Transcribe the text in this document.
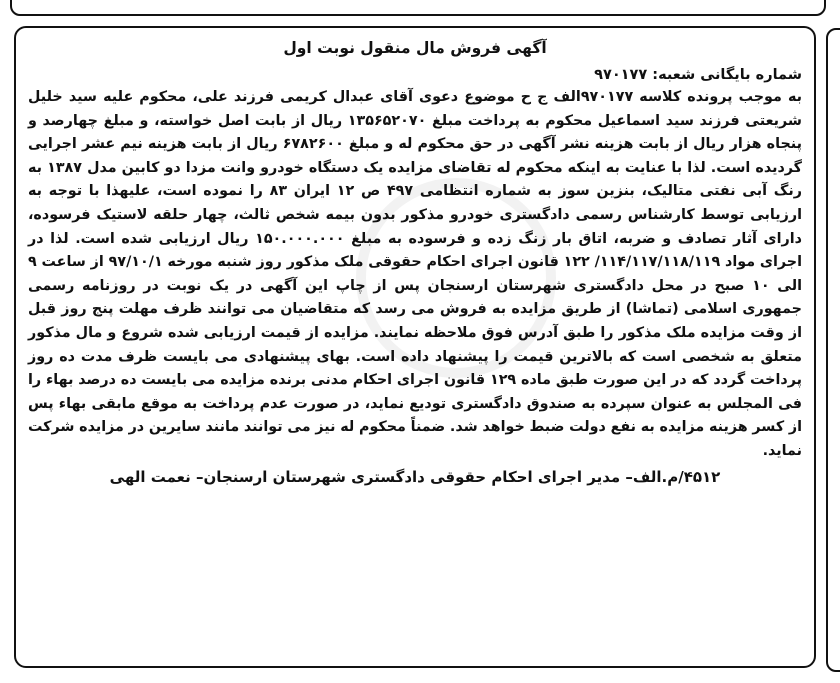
آگهی فروش مال منقول نوبت اول

شماره بایگانی شعبه: ۹۷۰۱۷۷

به موجب پرونده کلاسه ۹۷۰۱۷۷الف ج ح موضوع دعوی آقای عبدال کریمی فرزند علی، محکوم علیه سید خلیل شریعتی فرزند سید اسماعیل محکوم به پرداخت مبلغ ۱۳۵۶۵۲۰۷۰ ریال از بابت اصل خواسته، و مبلغ چهارصد و پنجاه هزار ریال از بابت هزینه نشر آگهی در حق محکوم له و مبلغ ۶۷۸۲۶۰۰ ریال از بابت هزینه نیم عشر اجرایی گردیده است. لذا با عنایت به اینکه محکوم له تقاضای مزایده یک دستگاه خودرو وانت مزدا دو کابین مدل ۱۳۸۷ به رنگ آبی نفتی متالیک، بنزین سوز به شماره انتظامی ۴۹۷ ص ۱۲ ایران ۸۳ را نموده است، علیهذا با توجه به ارزیابی توسط کارشناس رسمی دادگستری خودرو مذکور بدون بیمه شخص ثالث، چهار حلقه لاستیک فرسوده، دارای آثار تصادف و ضربه، اتاق بار زنگ زده و فرسوده به مبلغ ۱۵۰.۰۰۰.۰۰۰ ریال ارزیابی شده است. لذا در اجرای مواد ۱۱۴/۱۱۷/۱۱۸/۱۱۹/ ۱۲۲ قانون اجرای احکام حقوقی ملک مذکور روز شنبه مورخه ۹۷/۱۰/۱ از ساعت ۹ الی ۱۰ صبح در محل دادگستری شهرستان ارسنجان پس از چاپ این آگهی در یک نوبت در روزنامه رسمی جمهوری اسلامی (تماشا) از طریق مزایده به فروش می رسد که متقاضیان می توانند ظرف مهلت پنج روز قبل از وقت مزایده ملک مذکور را طبق آدرس فوق ملاحظه نمایند. مزایده از قیمت ارزیابی شده شروع و مال مذکور متعلق به شخصی است که بالاترین قیمت را پیشنهاد داده است. بهای پیشنهادی می بایست ظرف مدت ده روز پرداخت گردد که در این صورت طبق ماده ۱۲۹ قانون اجرای احکام مدنی برنده مزایده می بایست ده درصد بهاء را فی المجلس به عنوان سپرده به صندوق دادگستری تودیع نماید، در صورت عدم پرداخت به موقع مابقی بهاء پس از کسر هزینه مزایده به نفع دولت ضبط خواهد شد. ضمناً محکوم له نیز می توانند مانند سایرین در مزایده شرکت نماید.

۴۵۱۲/م.الف– مدیر اجرای احکام حقوقی دادگستری شهرستان ارسنجان– نعمت الهی
